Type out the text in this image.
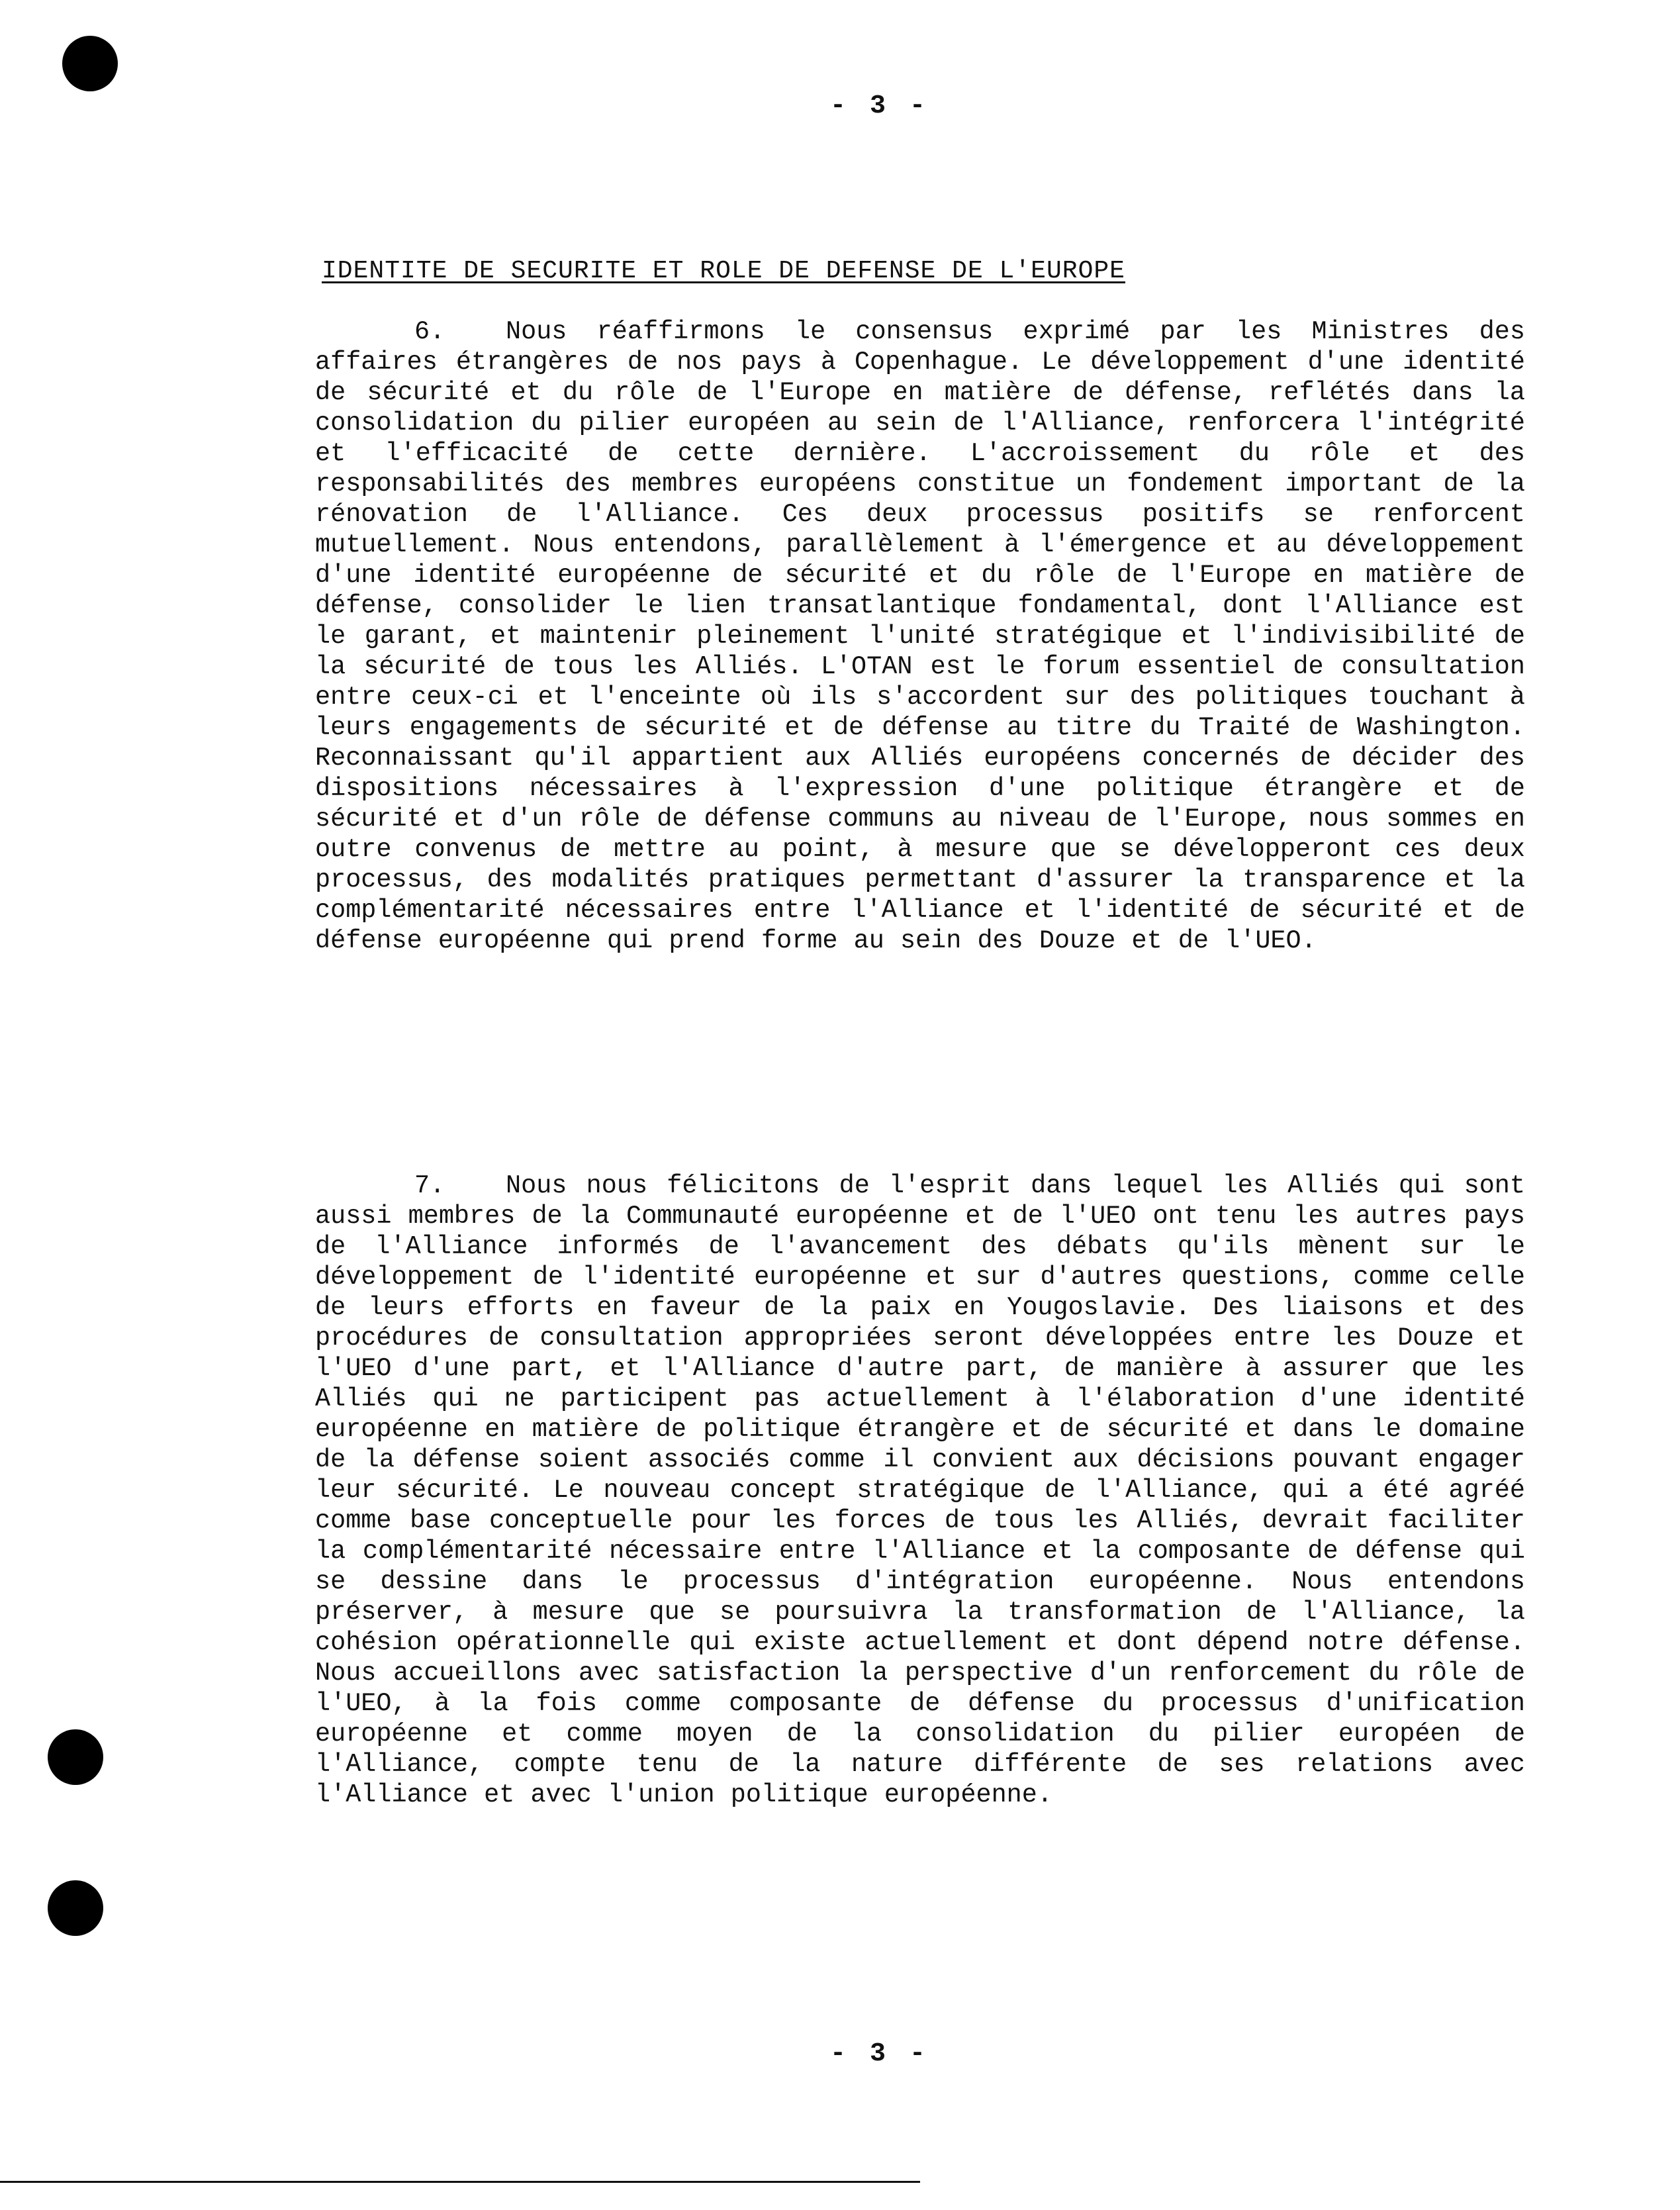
- 3 -
IDENTITE DE SECURITE ET ROLE DE DEFENSE DE L'EUROPE

6. Nous réaffirmons le consensus exprimé par les Ministres des affaires étrangères de nos pays à Copenhague. Le développement d'une identité de sécurité et du rôle de l'Europe en matière de défense, reflétés dans la consolidation du pilier européen au sein de l'Alliance, renforcera l'intégrité et l'efficacité de cette dernière. L'accroissement du rôle et des responsabilités des membres européens constitue un fondement important de la rénovation de l'Alliance. Ces deux processus positifs se renforcent mutuellement. Nous entendons, parallèlement à l'émergence et au développement d'une identité européenne de sécurité et du rôle de l'Europe en matière de défense, consolider le lien transatlantique fondamental, dont l'Alliance est le garant, et maintenir pleinement l'unité stratégique et l'indivisibilité de la sécurité de tous les Alliés. L'OTAN est le forum essentiel de consultation entre ceux-ci et l'enceinte où ils s'accordent sur des politiques touchant à leurs engagements de sécurité et de défense au titre du Traité de Washington. Reconnaissant qu'il appartient aux Alliés européens concernés de décider des dispositions nécessaires à l'expression d'une politique étrangère et de sécurité et d'un rôle de défense communs au niveau de l'Europe, nous sommes en outre convenus de mettre au point, à mesure que se développeront ces deux processus, des modalités pratiques permettant d'assurer la transparence et la complémentarité nécessaires entre l'Alliance et l'identité de sécurité et de défense européenne qui prend forme au sein des Douze et de l'UEO.

7. Nous nous félicitons de l'esprit dans lequel les Alliés qui sont aussi membres de la Communauté européenne et de l'UEO ont tenu les autres pays de l'Alliance informés de l'avancement des débats qu'ils mènent sur le développement de l'identité européenne et sur d'autres questions, comme celle de leurs efforts en faveur de la paix en Yougoslavie. Des liaisons et des procédures de consultation appropriées seront développées entre les Douze et l'UEO d'une part, et l'Alliance d'autre part, de manière à assurer que les Alliés qui ne participent pas actuellement à l'élaboration d'une identité européenne en matière de politique étrangère et de sécurité et dans le domaine de la défense soient associés comme il convient aux décisions pouvant engager leur sécurité. Le nouveau concept stratégique de l'Alliance, qui a été agréé comme base conceptuelle pour les forces de tous les Alliés, devrait faciliter la complémentarité nécessaire entre l'Alliance et la composante de défense qui se dessine dans le processus d'intégration européenne. Nous entendons préserver, à mesure que se poursuivra la transformation de l'Alliance, la cohésion opérationnelle qui existe actuellement et dont dépend notre défense. Nous accueillons avec satisfaction la perspective d'un renforcement du rôle de l'UEO, à la fois comme composante de défense du processus d'unification européenne et comme moyen de la consolidation du pilier européen de l'Alliance, compte tenu de la nature différente de ses relations avec l'Alliance et avec l'union politique européenne.

- 3 -
